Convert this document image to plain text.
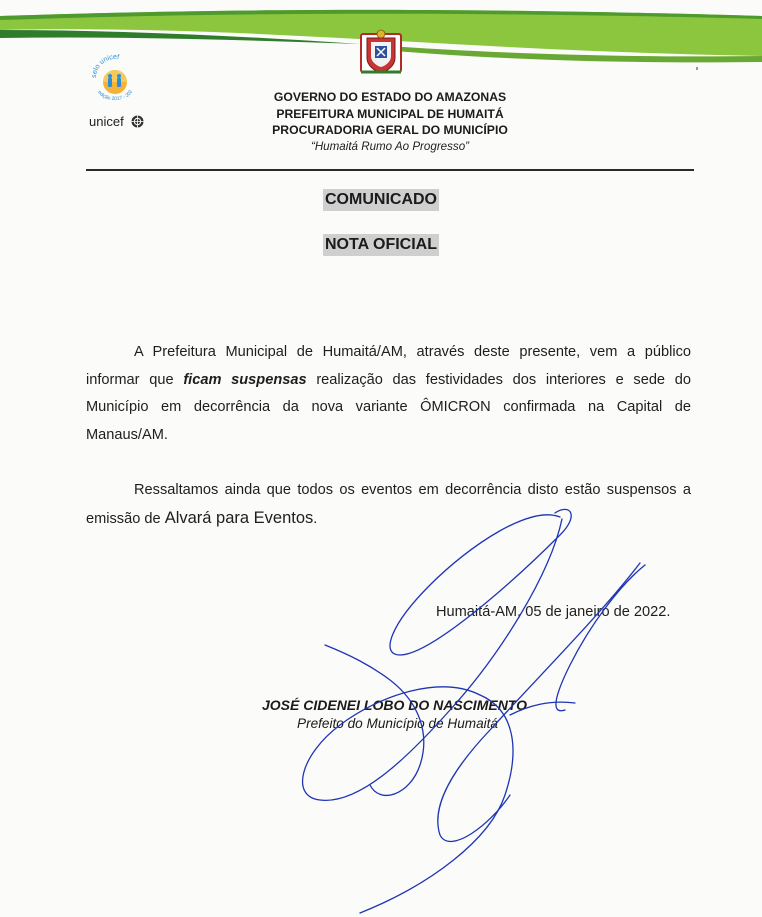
selo unicef
edição 2017 - 202
unicef
GOVERNO DO ESTADO DO AMAZONAS
PREFEITURA MUNICIPAL DE HUMAITÁ
PROCURADORIA GERAL DO MUNICÍPIO
“Humaitá Rumo Ao Progresso”
COMUNICADO
NOTA OFICIAL

A Prefeitura Municipal de Humaitá/AM, através deste presente, vem a público informar que ficam suspensas realização das festividades dos interiores e sede do Município em decorrência da nova variante ÔMICRON confirmada na Capital de Manaus/AM.

Ressaltamos ainda que todos os eventos em decorrência disto estão suspensos a emissão de Alvará para Eventos.

Humaitá-AM, 05 de janeiro de 2022.
JOSÉ CIDENEI LOBO DO NASCIMENTO
Prefeito do Município de Humaitá
